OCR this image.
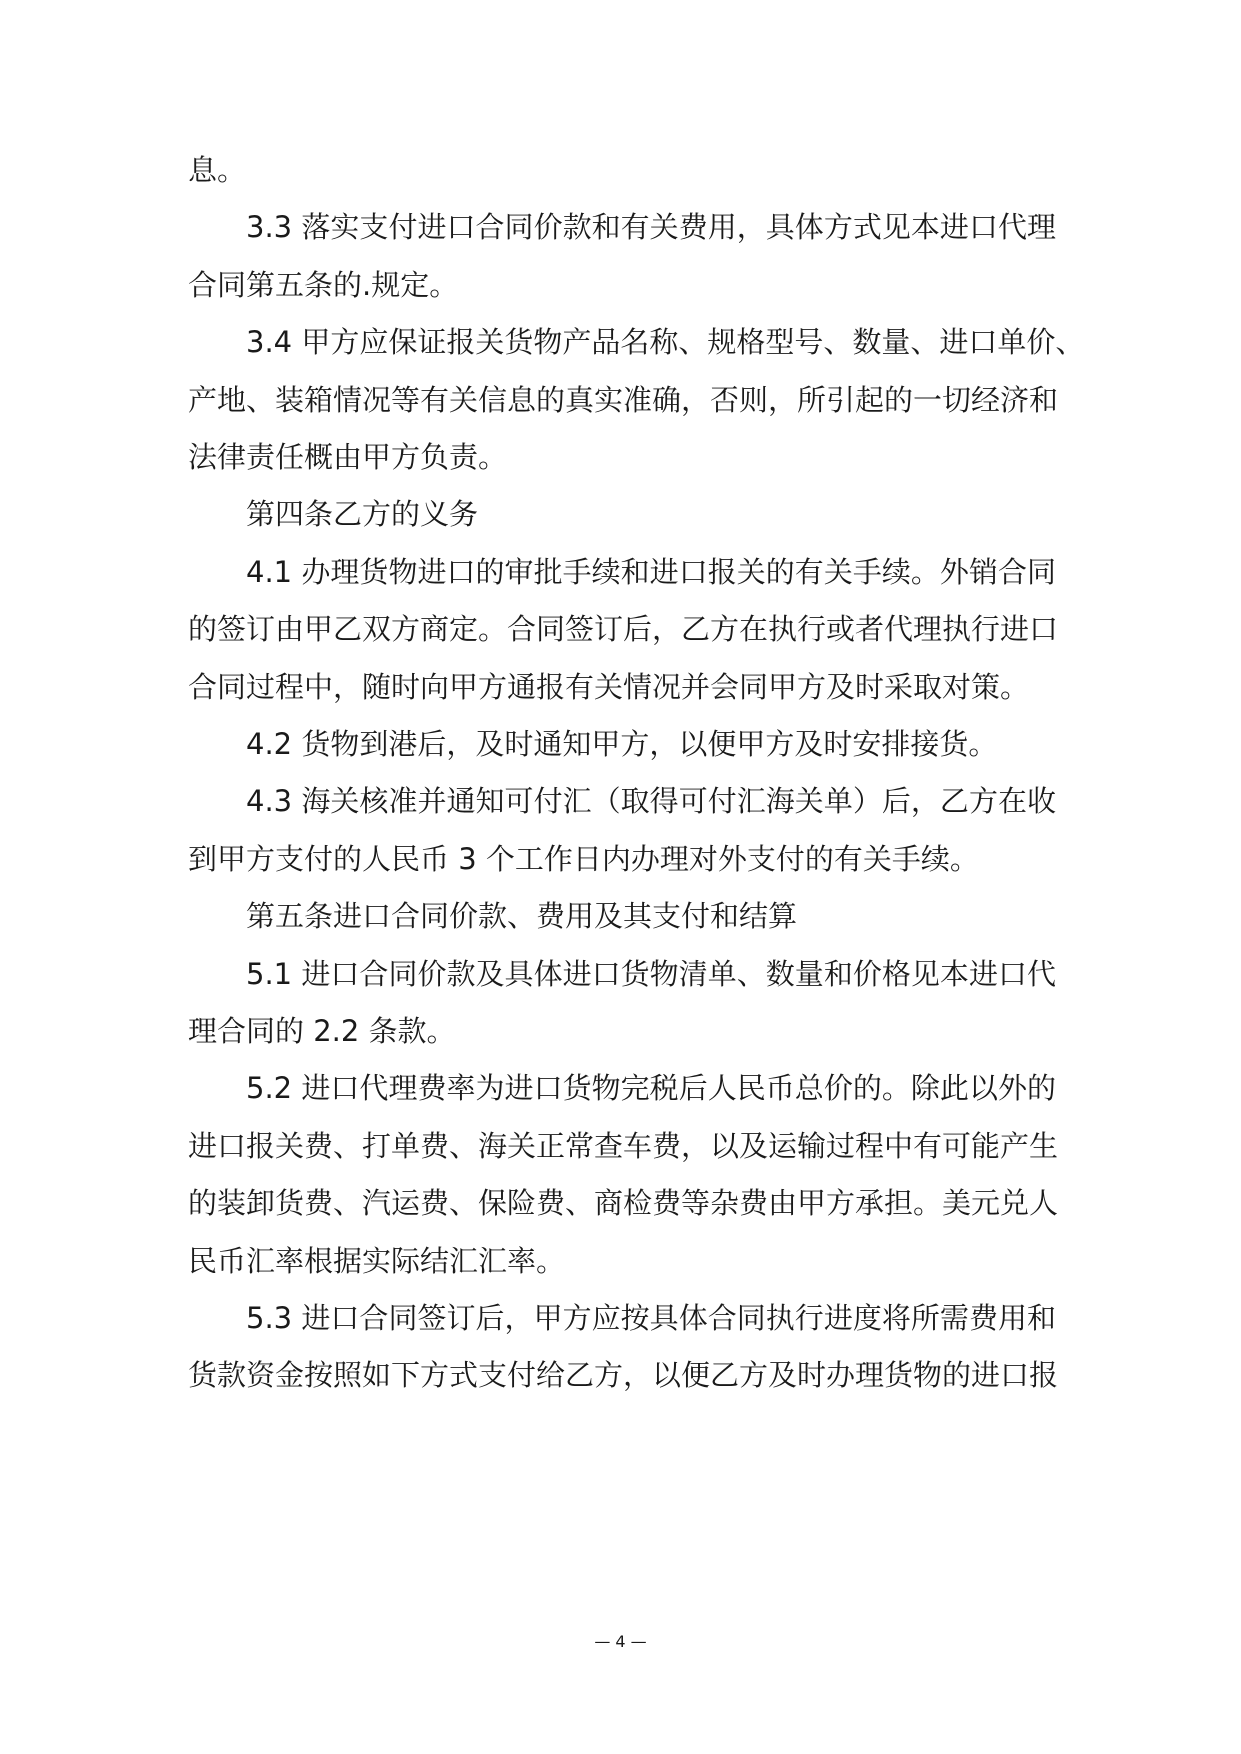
息。
3.3 落实支付进口合同价款和有关费用，具体方式见本进口代理
合同第五条的.规定。
3.4 甲方应保证报关货物产品名称、规格型号、数量、进口单价、
产地、装箱情况等有关信息的真实准确，否则，所引起的一切经济和
法律责任概由甲方负责。
第四条乙方的义务
4.1 办理货物进口的审批手续和进口报关的有关手续。外销合同
的签订由甲乙双方商定。合同签订后，乙方在执行或者代理执行进口
合同过程中，随时向甲方通报有关情况并会同甲方及时采取对策。
4.2 货物到港后，及时通知甲方，以便甲方及时安排接货。
4.3 海关核准并通知可付汇（取得可付汇海关单）后，乙方在收
到甲方支付的人民币 3 个工作日内办理对外支付的有关手续。
第五条进口合同价款、费用及其支付和结算
5.1 进口合同价款及具体进口货物清单、数量和价格见本进口代
理合同的 2.2 条款。
5.2 进口代理费率为进口货物完税后人民币总价的。除此以外的
进口报关费、打单费、海关正常查车费，以及运输过程中有可能产生
的装卸货费、汽运费、保险费、商检费等杂费由甲方承担。美元兑人
民币汇率根据实际结汇汇率。
5.3 进口合同签订后，甲方应按具体合同执行进度将所需费用和
货款资金按照如下方式支付给乙方，以便乙方及时办理货物的进口报
— 4 —
